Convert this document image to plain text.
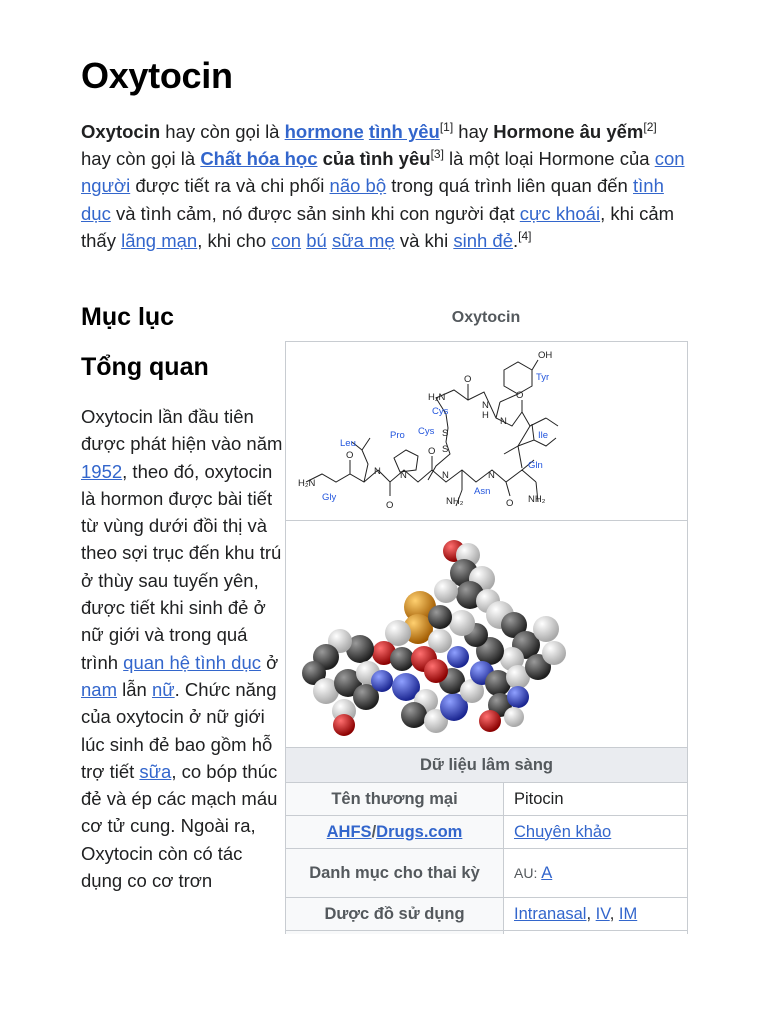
Oxytocin
Oxytocin hay còn gọi là hormone tình yêu[1] hay Hormone âu yếm[2] hay còn gọi là Chất hóa học của tình yêu[3] là một loại Hormone của con người được tiết ra và chi phối não bộ trong quá trình liên quan đến tình dục và tình cảm, nó được sản sinh khi con người đạt cực khoái, khi cảm thấy lãng mạn, khi cho con bú sữa mẹ và khi sinh đẻ.[4]
Mục lục
Tổng quan
Oxytocin lần đầu tiên được phát hiện vào năm 1952, theo đó, oxytocin là hormon được bài tiết từ vùng dưới đồi thị và theo sợi trục đến khu trú ở thùy sau tuyến yên, được tiết khi sinh đẻ ở nữ giới và trong quá trình quan hệ tình dục ở nam lẫn nữ. Chức năng của oxytocin ở nữ giới lúc sinh đẻ bao gồm hỗ trợ tiết sữa, co bóp thúc đẻ và ép các mạch máu cơ tử cung. Ngoài ra, Oxytocin còn có tác dụng co cơ trơn
Oxytocin
OH
H₂N
H₂N
NH₂	NH₂
S
S
N
H
O
N
O
O
O
O
N N	N	N
O
Tyr
Cys
Cys	Ile
Leu
Pro
Gly
Asn
Gln
Dữ liệu lâm sàng	
Tên thương mại	Pitocin
AHFS/Drugs.com	Chuyên khảo
Danh mục cho thai kỳ	AU: A
Dược đồ sử dụng	Intranasal, IV, IM
